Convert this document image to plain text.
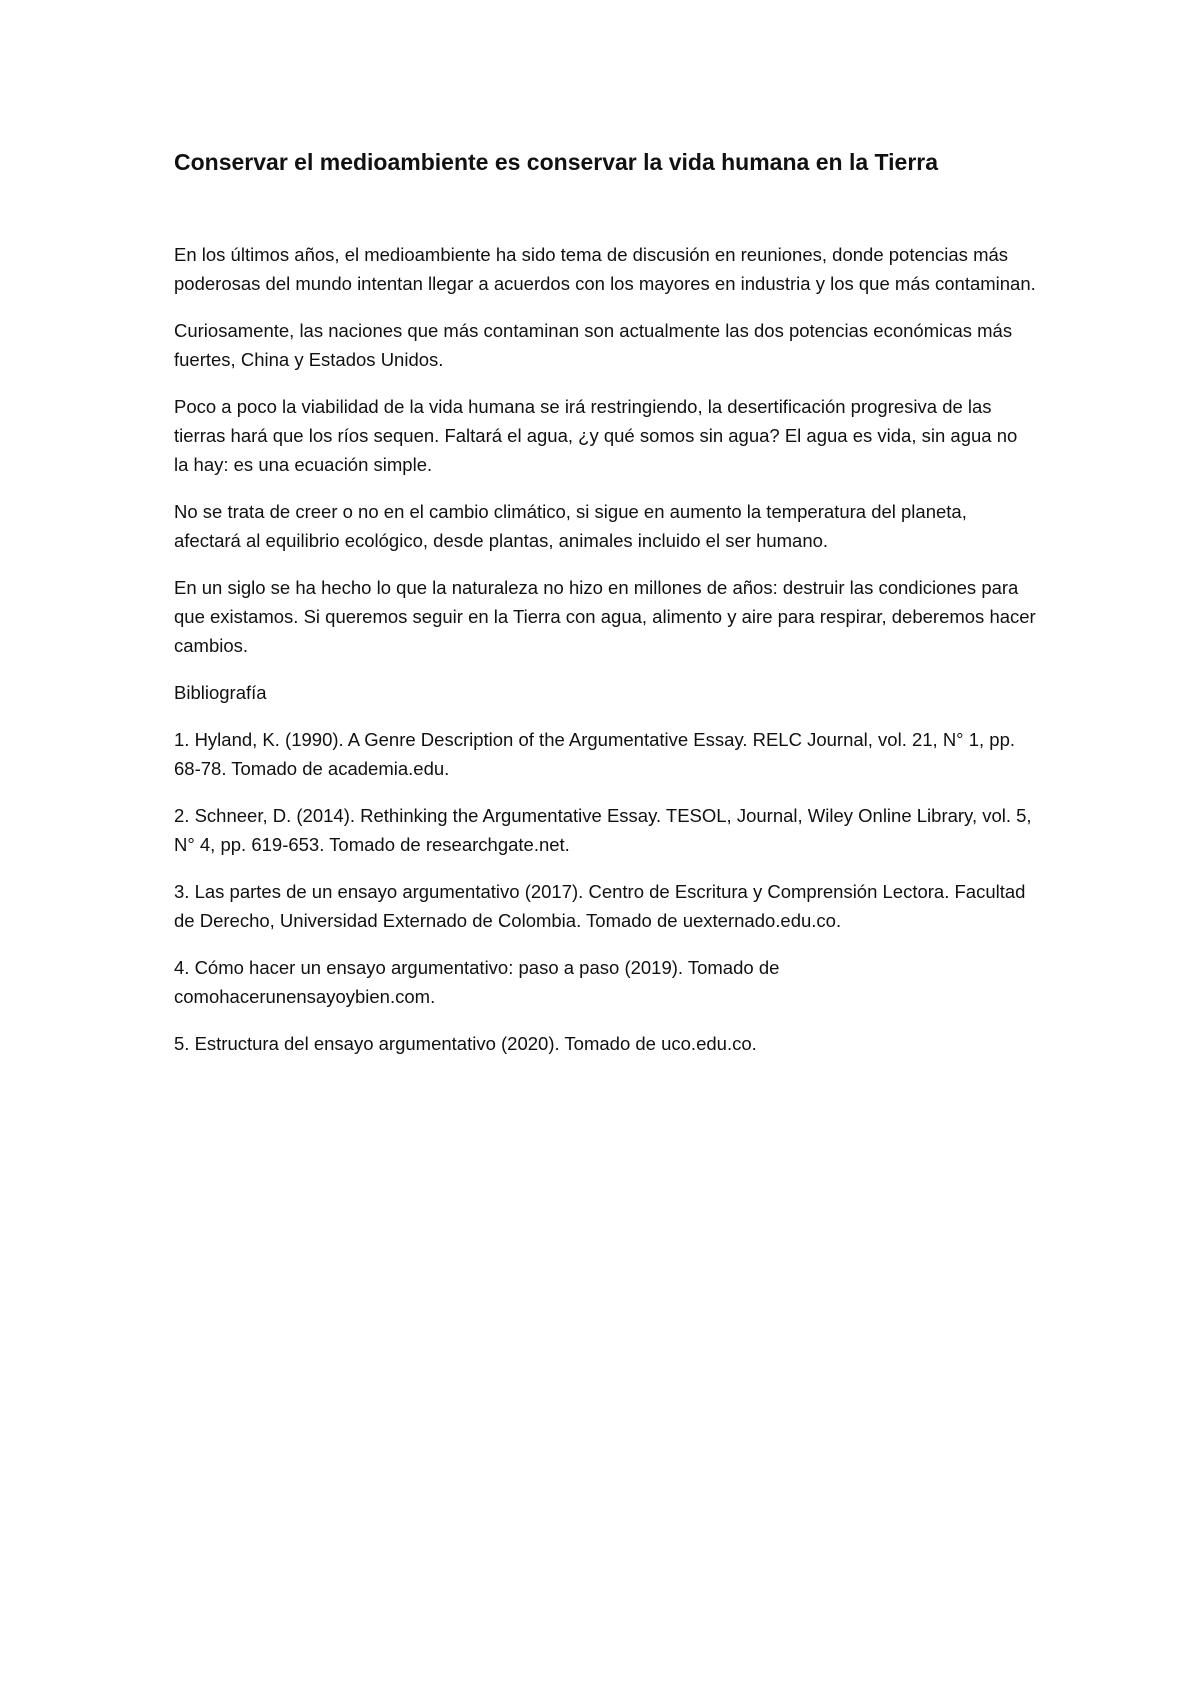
Conservar el medioambiente es conservar la vida humana en la Tierra

En los últimos años, el medioambiente ha sido tema de discusión en reuniones, donde potencias más poderosas del mundo intentan llegar a acuerdos con los mayores en industria y los que más contaminan.

Curiosamente, las naciones que más contaminan son actualmente las dos potencias económicas más fuertes, China y Estados Unidos.

Poco a poco la viabilidad de la vida humana se irá restringiendo, la desertificación progresiva de las tierras hará que los ríos sequen. Faltará el agua, ¿y qué somos sin agua? El agua es vida, sin agua no la hay: es una ecuación simple.

No se trata de creer o no en el cambio climático, si sigue en aumento la temperatura del planeta, afectará al equilibrio ecológico, desde plantas, animales incluido el ser humano.

En un siglo se ha hecho lo que la naturaleza no hizo en millones de años: destruir las condiciones para que existamos. Si queremos seguir en la Tierra con agua, alimento y aire para respirar, deberemos hacer cambios.

Bibliografía

1. Hyland, K. (1990). A Genre Description of the Argumentative Essay. RELC Journal, vol. 21, N° 1, pp. 68-78. Tomado de academia.edu.

2. Schneer, D. (2014). Rethinking the Argumentative Essay. TESOL, Journal, Wiley Online Library, vol. 5, N° 4, pp. 619-653. Tomado de researchgate.net.

3. Las partes de un ensayo argumentativo (2017). Centro de Escritura y Comprensión Lectora. Facultad de Derecho, Universidad Externado de Colombia. Tomado de uexternado.edu.co.

4. Cómo hacer un ensayo argumentativo: paso a paso (2019). Tomado de comohacerunensayoybien.com.

5. Estructura del ensayo argumentativo (2020). Tomado de uco.edu.co.
